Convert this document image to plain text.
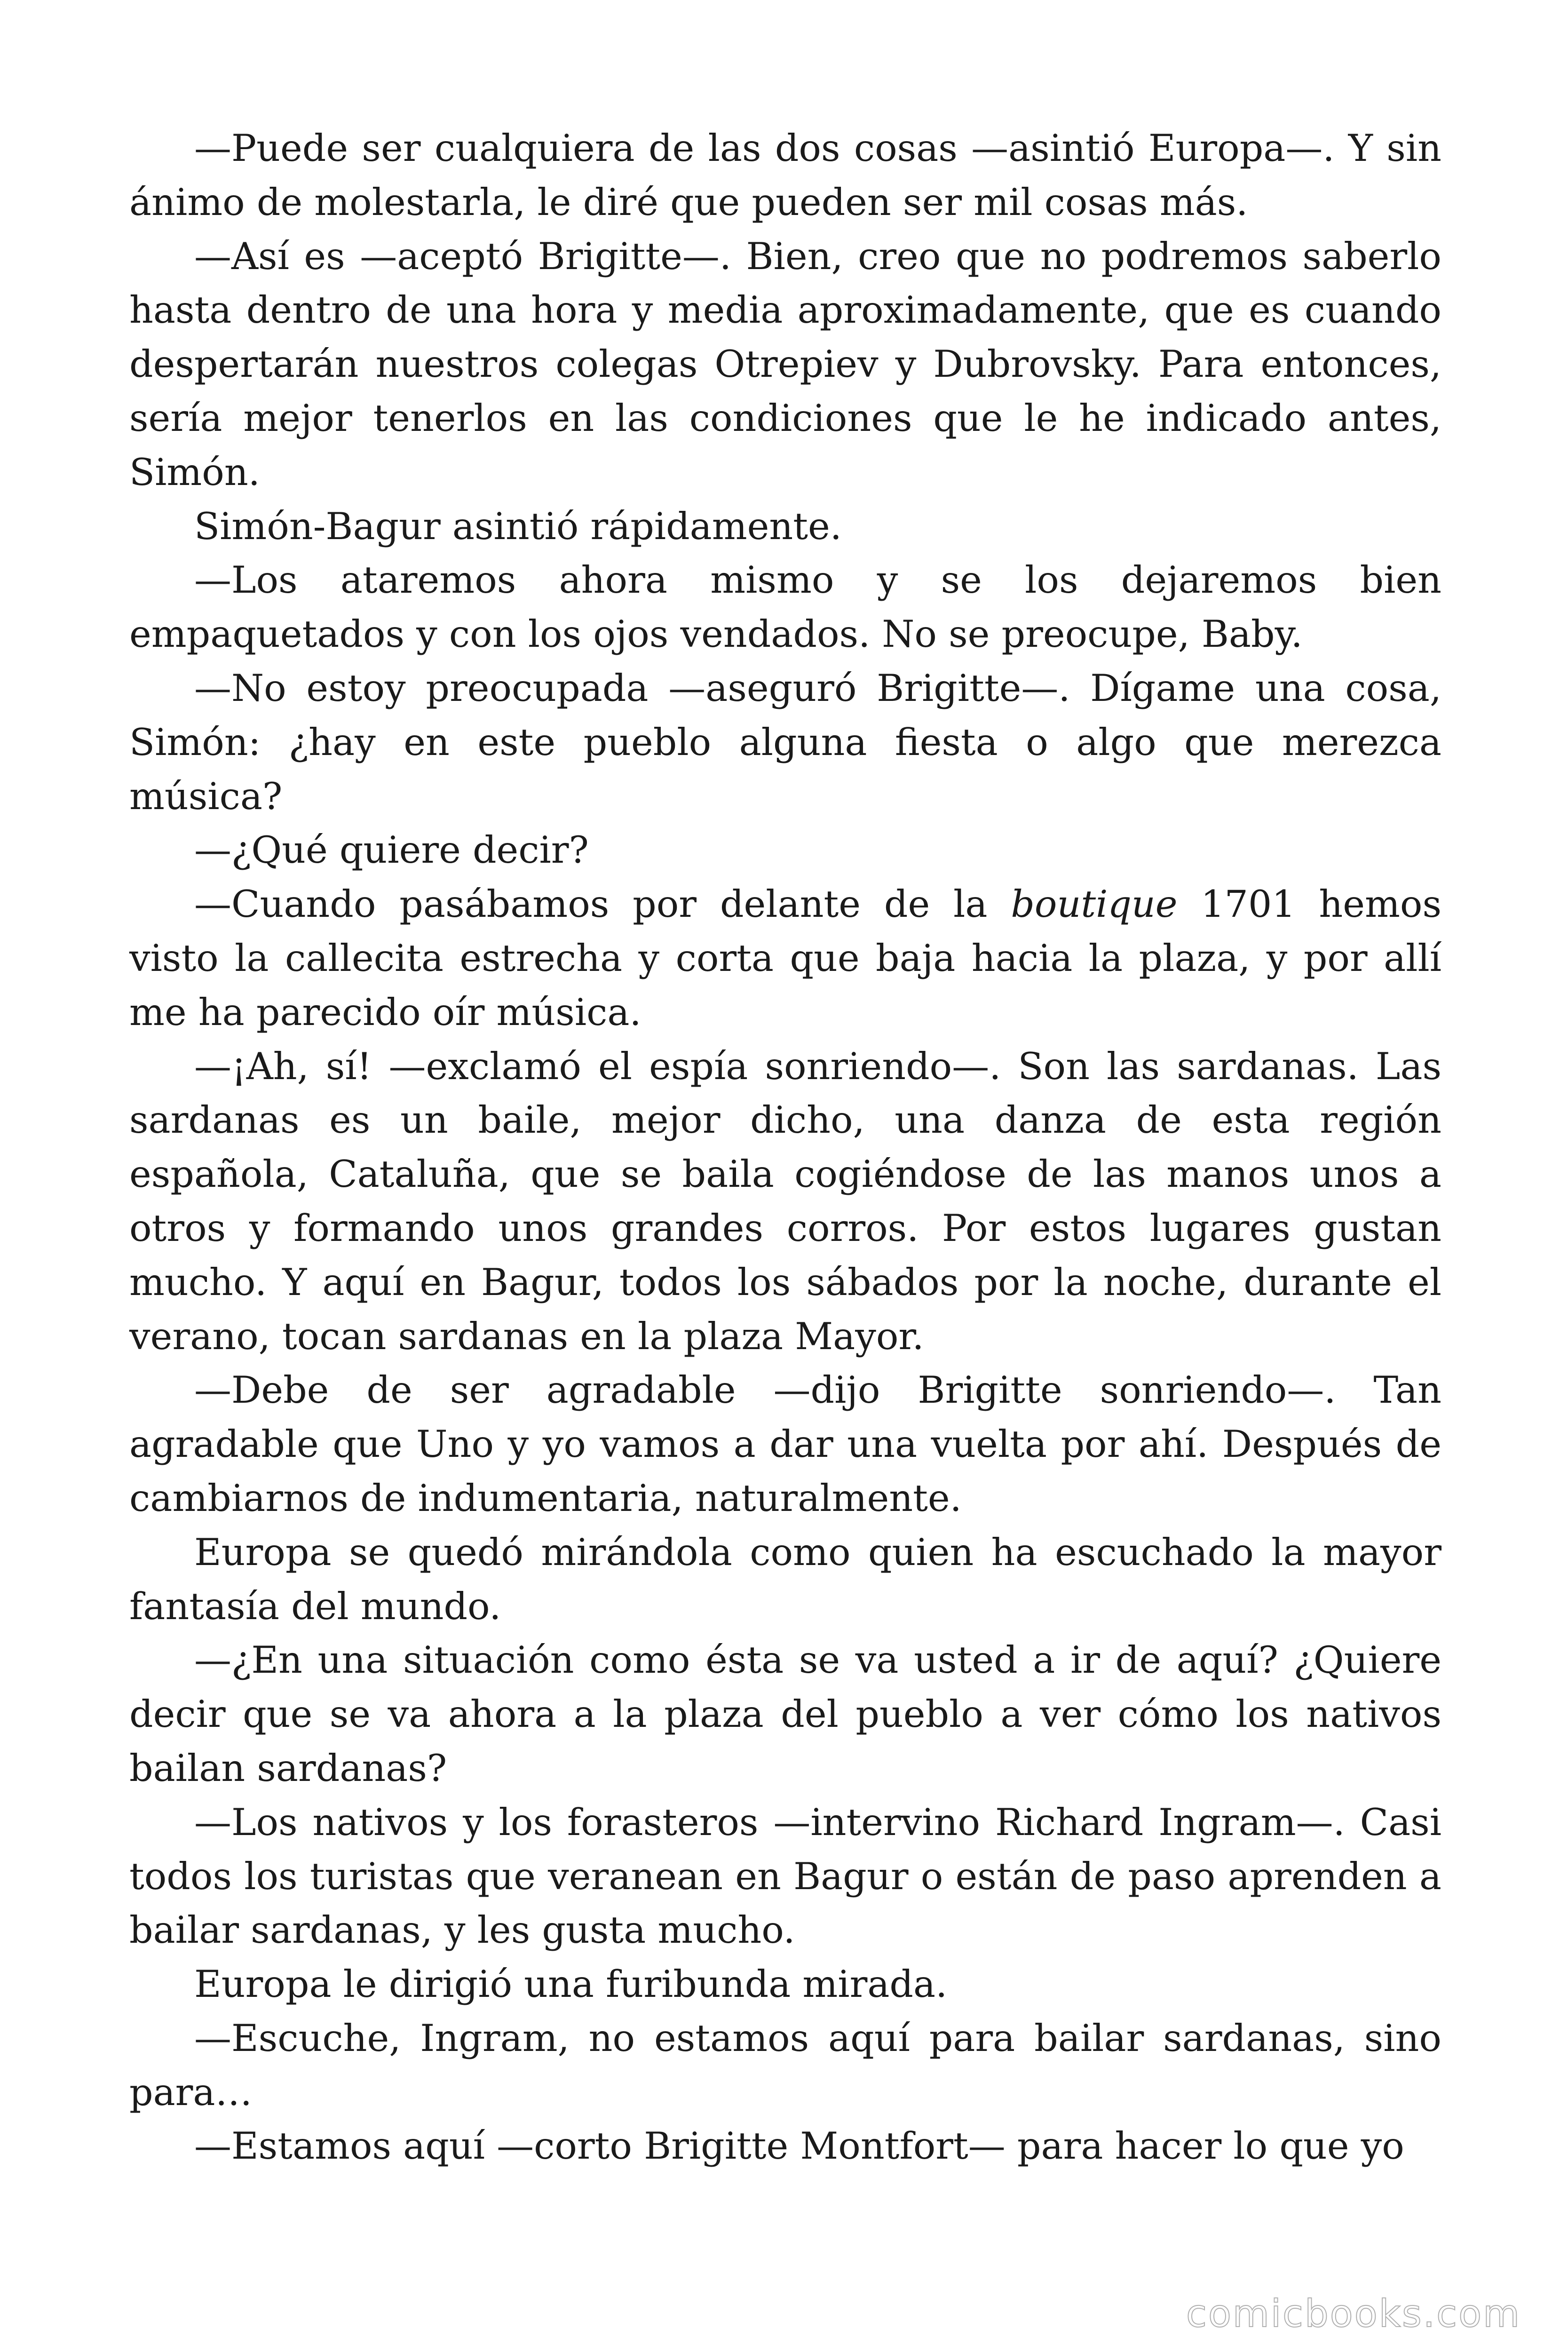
—Puede ser cualquiera de las dos cosas —asintió Europa—. Y sin ánimo de molestarla, le diré que pueden ser mil cosas más.

—Así es —aceptó Brigitte—. Bien, creo que no podremos saberlo hasta dentro de una hora y media aproximadamente, que es cuando despertarán nuestros colegas Otrepiev y Dubrovsky. Para entonces, sería mejor tenerlos en las condiciones que le he indicado antes, Simón.

Simón-Bagur asintió rápidamente.

—Los ataremos ahora mismo y se los dejaremos bien empaquetados y con los ojos vendados. No se preocupe, Baby.

—No estoy preocupada —aseguró Brigitte—. Dígame una cosa, Simón: ¿hay en este pueblo alguna fiesta o algo que merezca música?

—¿Qué quiere decir?

—Cuando pasábamos por delante de la boutique 1701 hemos visto la callecita estrecha y corta que baja hacia la plaza, y por allí me ha parecido oír música.

—¡Ah, sí! —exclamó el espía sonriendo—. Son las sardanas. Las sardanas es un baile, mejor dicho, una danza de esta región española, Cataluña, que se baila cogiéndose de las manos unos a otros y formando unos grandes corros. Por estos lugares gustan mucho. Y aquí en Bagur, todos los sábados por la noche, durante el verano, tocan sardanas en la plaza Mayor.

—Debe de ser agradable —dijo Brigitte sonriendo—. Tan agradable que Uno y yo vamos a dar una vuelta por ahí. Después de cambiarnos de indumentaria, naturalmente.

Europa se quedó mirándola como quien ha escuchado la mayor fantasía del mundo.

—¿En una situación como ésta se va usted a ir de aquí? ¿Quiere decir que se va ahora a la plaza del pueblo a ver cómo los nativos bailan sardanas?

—Los nativos y los forasteros —intervino Richard Ingram—. Casi todos los turistas que veranean en Bagur o están de paso aprenden a bailar sardanas, y les gusta mucho.

Europa le dirigió una furibunda mirada.

—Escuche, Ingram, no estamos aquí para bailar sardanas, sino para…

—Estamos aquí —corto Brigitte Montfort— para hacer lo que yo

comicbooks.com
